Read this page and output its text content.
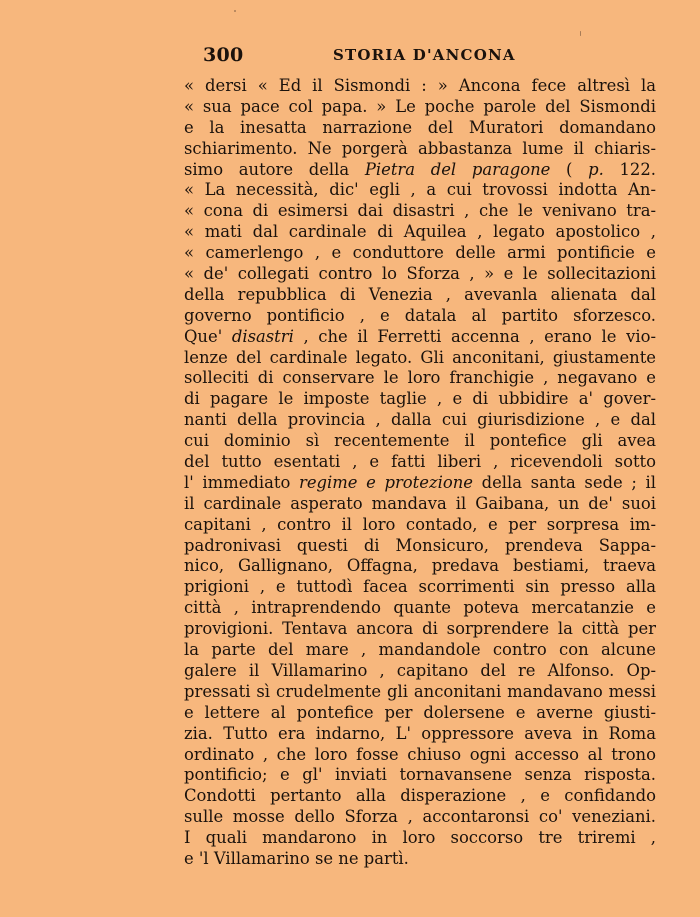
300	STORIA D'ANCONA
« dersi « Ed il Sismondi : » Ancona fece altresì la
« sua pace col papa. » Le poche parole del Sismondi
e la inesatta narrazione del Muratori domandano
schiarimento. Ne porgerà abbastanza lume il chiaris-
simo autore della Pietra del paragone ( p. 122.
« La necessità, dic' egli , a cui trovossi indotta An-
« cona di esimersi dai disastri , che le venivano tra-
« mati dal cardinale di Aquilea , legato apostolico ,
« camerlengo , e conduttore delle armi pontificie e
« de' collegati contro lo Sforza , » e le sollecitazioni
della repubblica di Venezia , avevanla alienata dal
governo pontificio , e datala al partito sforzesco.
Que' disastri , che il Ferretti accenna , erano le vio-
lenze del cardinale legato. Gli anconitani, giustamente
solleciti di conservare le loro franchigie , negavano e
di pagare le imposte taglie , e di ubbidire a' gover-
nanti della provincia , dalla cui giurisdizione , e dal
cui dominio sì recentemente il pontefice gli avea
del tutto esentati , e fatti liberi , ricevendoli sotto
l' immediato regime e protezione della santa sede ; il
il cardinale asperato mandava il Gaibana, un de' suoi
capitani , contro il loro contado, e per sorpresa im-
padronivasi questi di Monsicuro, prendeva Sappa-
nico, Gallignano, Offagna, predava bestiami, traeva
prigioni , e tuttodì facea scorrimenti sin presso alla
città , intraprendendo quante poteva mercatanzie e
provigioni. Tentava ancora di sorprendere la città per
la parte del mare , mandandole contro con alcune
galere il Villamarino , capitano del re Alfonso. Op-
pressati sì crudelmente gli anconitani mandavano messi
e lettere al pontefice per dolersene e averne giusti-
zia. Tutto era indarno, L' oppressore aveva in Roma
ordinato , che loro fosse chiuso ogni accesso al trono
pontificio; e gl' inviati tornavansene senza risposta.
Condotti pertanto alla disperazione , e confidando
sulle mosse dello Sforza , accontaronsi co' veneziani.
I quali mandarono in loro soccorso tre triremi ,
e 'l Villamarino se ne partì.
